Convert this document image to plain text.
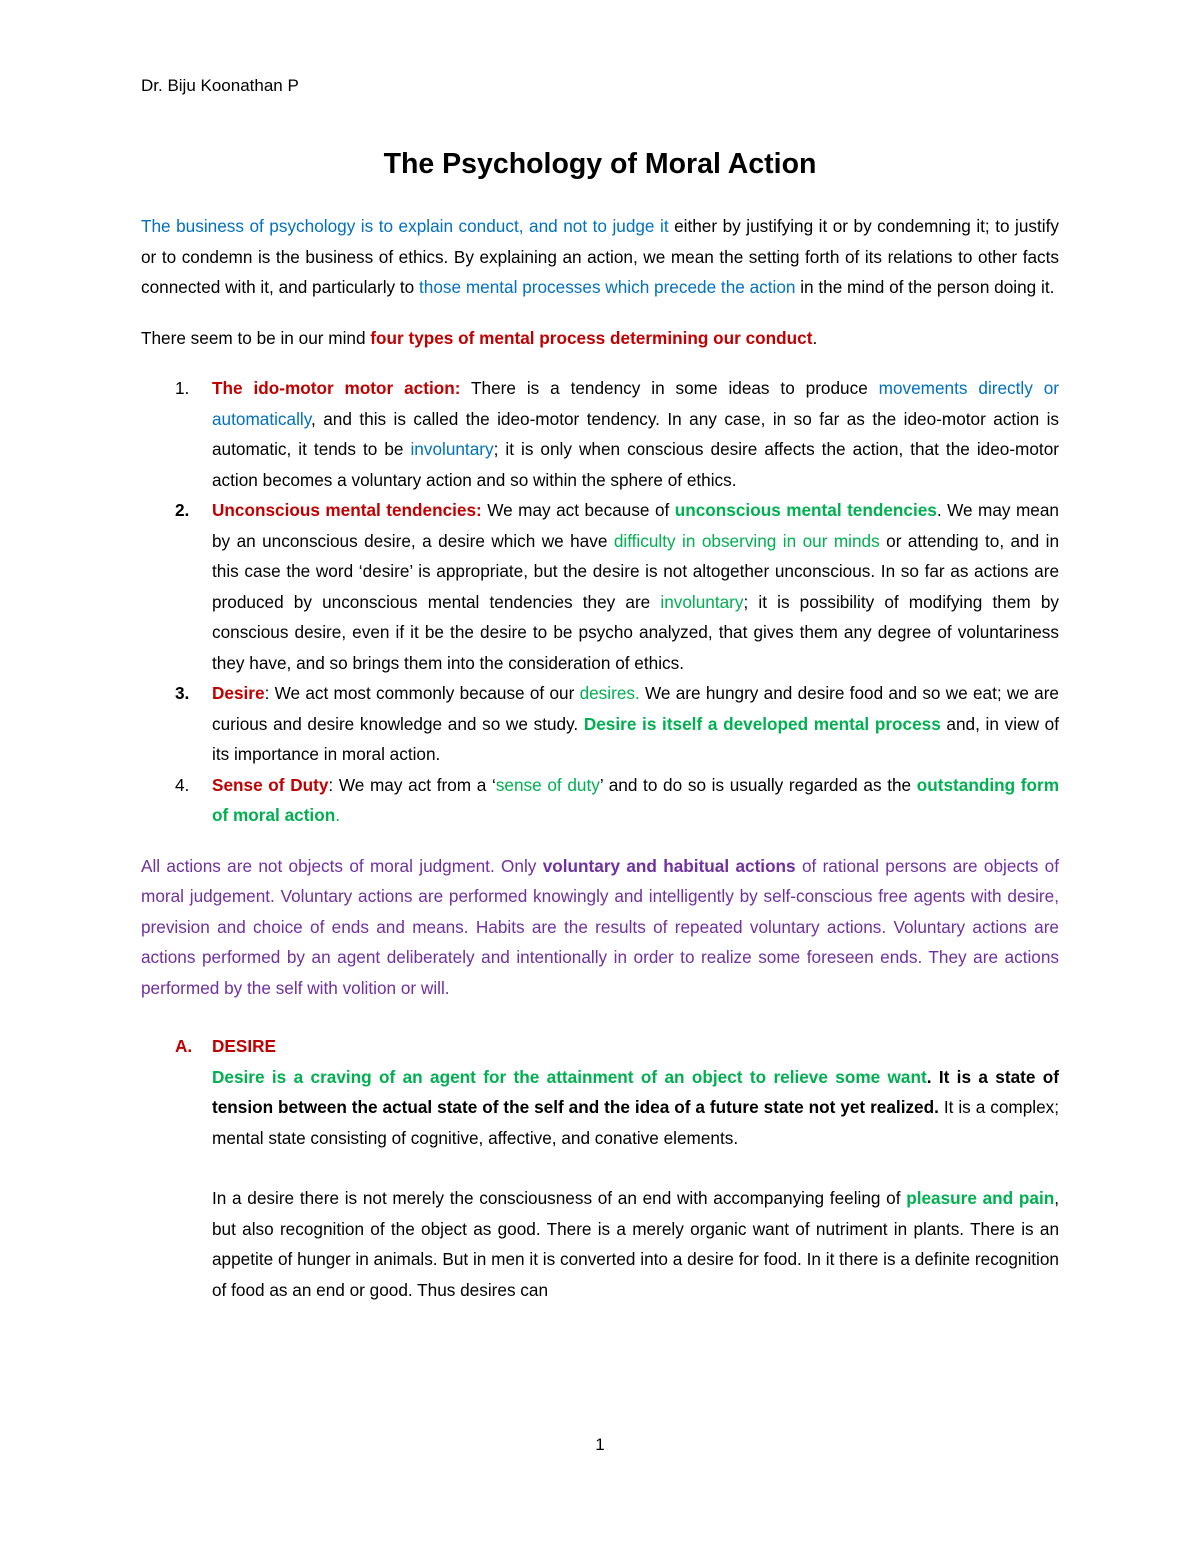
Dr. Biju Koonathan P
The Psychology of Moral Action

The business of psychology is to explain conduct, and not to judge it either by justifying it or by condemning it; to justify or to condemn is the business of ethics. By explaining an action, we mean the setting forth of its relations to other facts connected with it, and particularly to those mental processes which precede the action in the mind of the person doing it.

There seem to be in our mind four types of mental process determining our conduct.

1. The ido-motor motor action: There is a tendency in some ideas to produce movements directly or automatically, and this is called the ideo-motor tendency. In any case, in so far as the ideo-motor action is automatic, it tends to be involuntary; it is only when conscious desire affects the action, that the ideo-motor action becomes a voluntary action and so within the sphere of ethics.
2. Unconscious mental tendencies: We may act because of unconscious mental tendencies. We may mean by an unconscious desire, a desire which we have difficulty in observing in our minds or attending to, and in this case the word ‘desire’ is appropriate, but the desire is not altogether unconscious. In so far as actions are produced by unconscious mental tendencies they are involuntary; it is possibility of modifying them by conscious desire, even if it be the desire to be psycho analyzed, that gives them any degree of voluntariness they have, and so brings them into the consideration of ethics.
3. Desire: We act most commonly because of our desires. We are hungry and desire food and so we eat; we are curious and desire knowledge and so we study. Desire is itself a developed mental process and, in view of its importance in moral action.
4. Sense of Duty: We may act from a ‘sense of duty’ and to do so is usually regarded as the outstanding form of moral action.

All actions are not objects of moral judgment. Only voluntary and habitual actions of rational persons are objects of moral judgement. Voluntary actions are performed knowingly and intelligently by self-conscious free agents with desire, prevision and choice of ends and means. Habits are the results of repeated voluntary actions. Voluntary actions are actions performed by an agent deliberately and intentionally in order to realize some foreseen ends. They are actions performed by the self with volition or will.

A. DESIRE

Desire is a craving of an agent for the attainment of an object to relieve some want. It is a state of tension between the actual state of the self and the idea of a future state not yet realized. It is a complex; mental state consisting of cognitive, affective, and conative elements.

In a desire there is not merely the consciousness of an end with accompanying feeling of pleasure and pain, but also recognition of the object as good. There is a merely organic want of nutriment in plants. There is an appetite of hunger in animals. But in men it is converted into a desire for food. In it there is a definite recognition of food as an end or good. Thus desires can

1
